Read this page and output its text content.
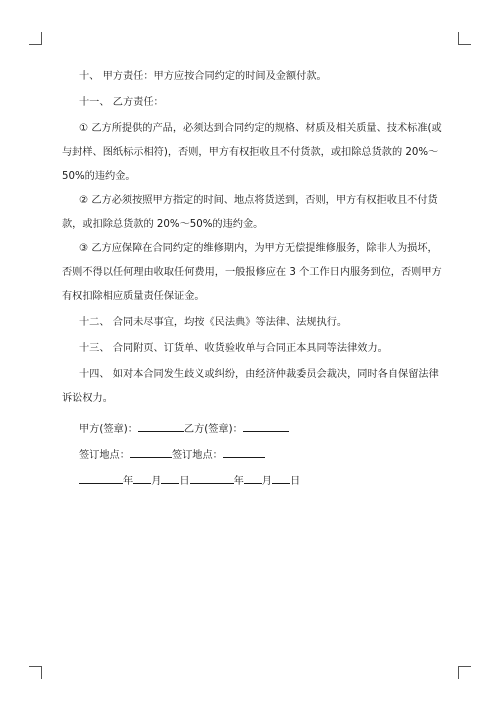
十、 甲方责任：甲方应按合同约定的时间及金额付款。
十一、 乙方责任：
① 乙方所提供的产品，必须达到合同约定的规格、材质及相关质量、技术标准(或
与封样、图纸标示相符)，否则，甲方有权拒收且不付货款，或扣除总货款的 20%～
50%的违约金。
② 乙方必须按照甲方指定的时间、地点将货送到，否则，甲方有权拒收且不付货
款，或扣除总货款的 20%～50%的违约金。
③ 乙方应保障在合同约定的维修期内，为甲方无偿提维修服务，除非人为损坏，
否则不得以任何理由收取任何费用，一般报修应在 3 个工作日内服务到位，否则甲方
有权扣除相应质量责任保证金。
十二、 合同未尽事宜，均按《民法典》等法律、法规执行。
十三、 合同附页、订货单、收货验收单与合同正本具同等法律效力。
十四、 如对本合同发生歧义或纠纷，由经济仲裁委员会裁决，同时各自保留法律
诉讼权力。
甲方(签章)：	乙方(签章)：
签订地点：	签订地点：
年 月 日	年 月 日
